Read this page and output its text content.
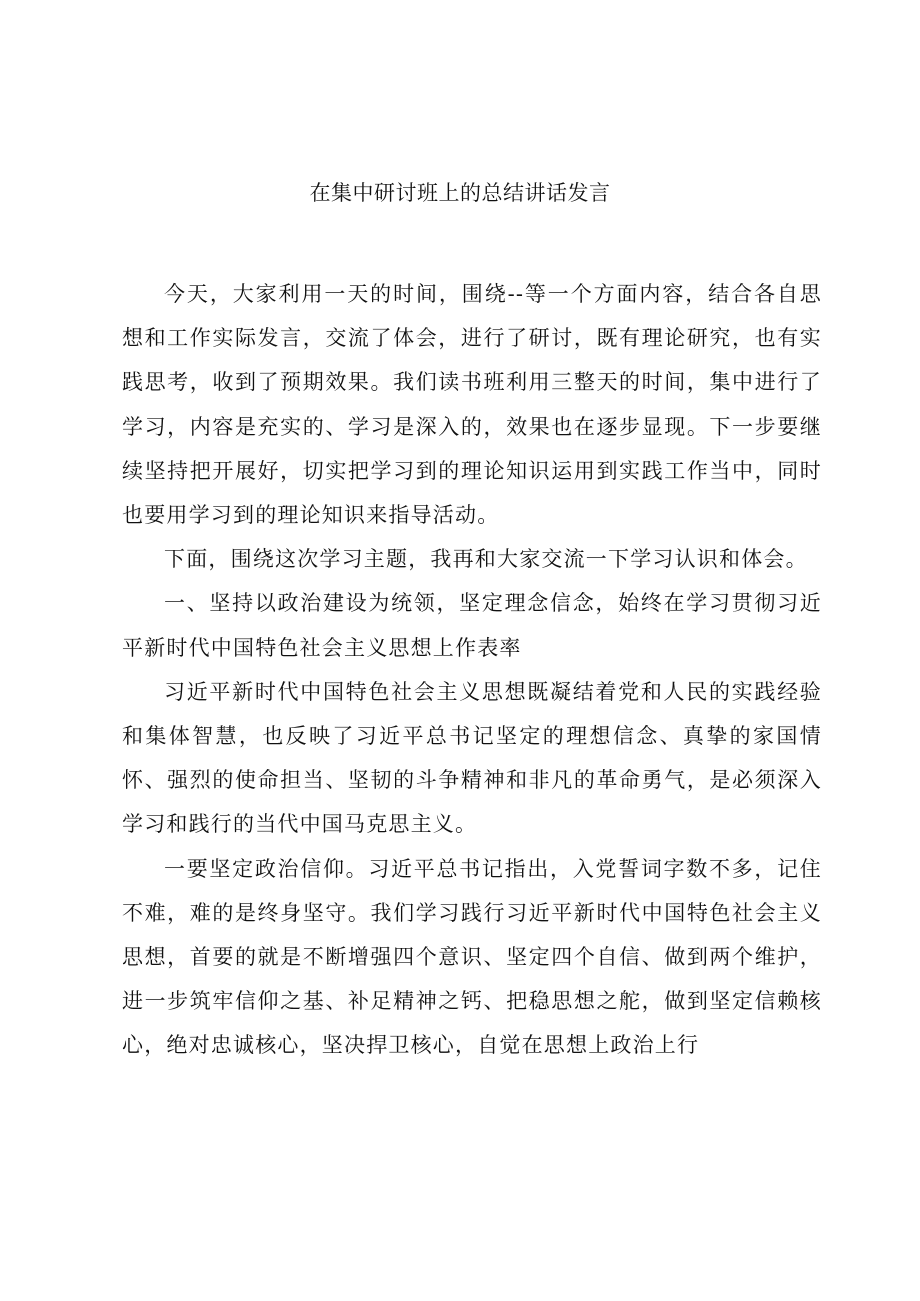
在集中研讨班上的总结讲话发言

今天，大家利用一天的时间，围绕--等一个方面内容，结合各自思想和工作实际发言，交流了体会，进行了研讨，既有理论研究，也有实践思考，收到了预期效果。我们读书班利用三整天的时间，集中进行了学习，内容是充实的、学习是深入的，效果也在逐步显现。下一步要继续坚持把开展好，切实把学习到的理论知识运用到实践工作当中，同时也要用学习到的理论知识来指导活动。

下面，围绕这次学习主题，我再和大家交流一下学习认识和体会。

一、坚持以政治建设为统领，坚定理念信念，始终在学习贯彻习近平新时代中国特色社会主义思想上作表率

习近平新时代中国特色社会主义思想既凝结着党和人民的实践经验和集体智慧，也反映了习近平总书记坚定的理想信念、真挚的家国情怀、强烈的使命担当、坚韧的斗争精神和非凡的革命勇气，是必须深入学习和践行的当代中国马克思主义。

一要坚定政治信仰。习近平总书记指出，入党誓词字数不多，记住不难，难的是终身坚守。我们学习践行习近平新时代中国特色社会主义思想，首要的就是不断增强四个意识、坚定四个自信、做到两个维护，进一步筑牢信仰之基、补足精神之钙、把稳思想之舵，做到坚定信赖核心，绝对忠诚核心，坚决捍卫核心，自觉在思想上政治上行
